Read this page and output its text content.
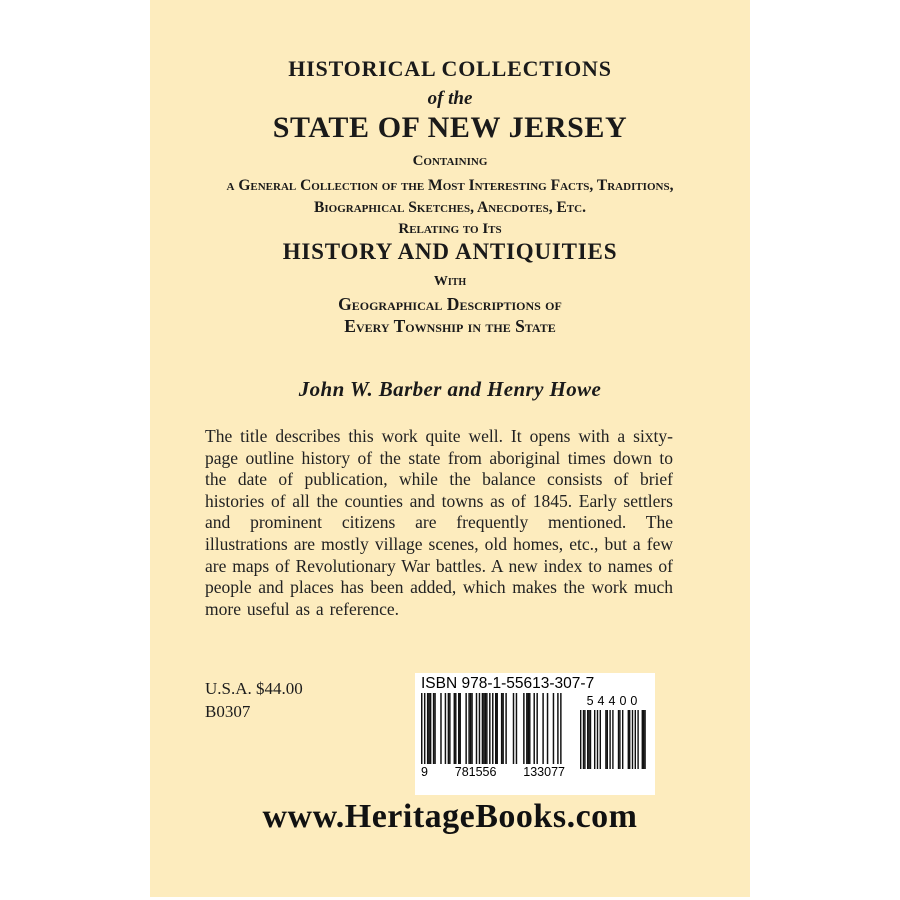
HISTORICAL COLLECTIONS
of the
STATE OF NEW JERSEY
Containing
a General Collection of the Most Interesting Facts, Traditions,
Biographical Sketches, Anecdotes, Etc.
Relating to Its
HISTORY AND ANTIQUITIES
With
Geographical Descriptions of
Every Township in the State
John W. Barber and Henry Howe

The title describes this work quite well. It opens with a sixty-page outline history of the state from aboriginal times down to the date of publication, while the balance consists of brief histories of all the counties and towns as of 1845. Early settlers and prominent citizens are frequently mentioned. The illustrations are mostly village scenes, old homes, etc., but a few are maps of Revolutionary War battles. A new index to names of people and places has been added, which makes the work much more useful as a reference.

U.S.A. $44.00
B0307
ISBN 978-1-55613-307-7
9 781556 133077
54400
www.HeritageBooks.com
